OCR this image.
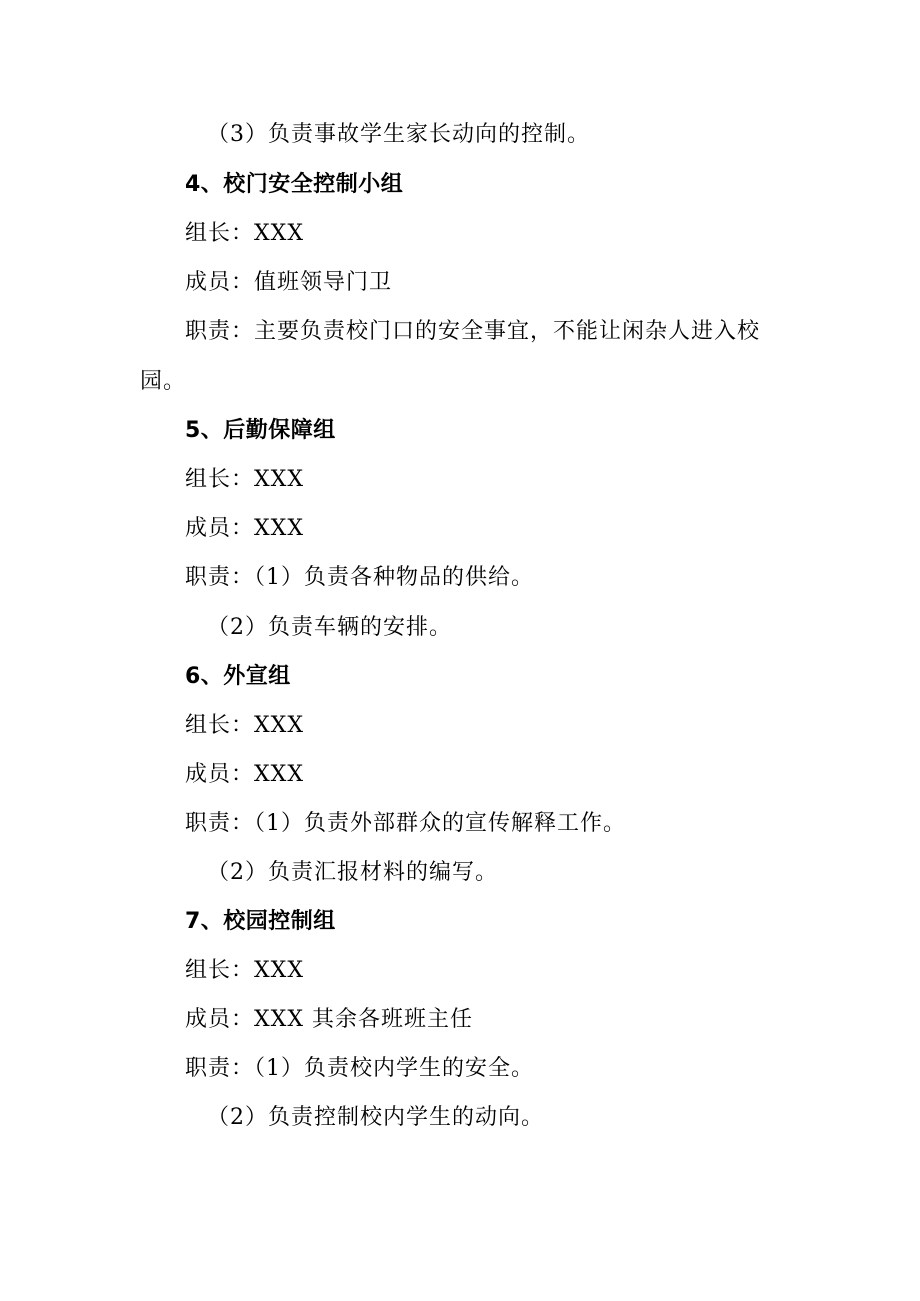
（3）负责事故学生家长动向的控制。
4、校门安全控制小组
组长：XXX
成员：值班领导门卫
职责：主要负责校门口的安全事宜，不能让闲杂人进入校
园。
5、后勤保障组
组长：XXX
成员：XXX
职责：（1）负责各种物品的供给。
（2）负责车辆的安排。
6、外宣组
组长：XXX
成员：XXX
职责：（1）负责外部群众的宣传解释工作。
（2）负责汇报材料的编写。
7、校园控制组
组长：XXX
成员：XXX 其余各班班主任
职责：（1）负责校内学生的安全。
（2）负责控制校内学生的动向。
